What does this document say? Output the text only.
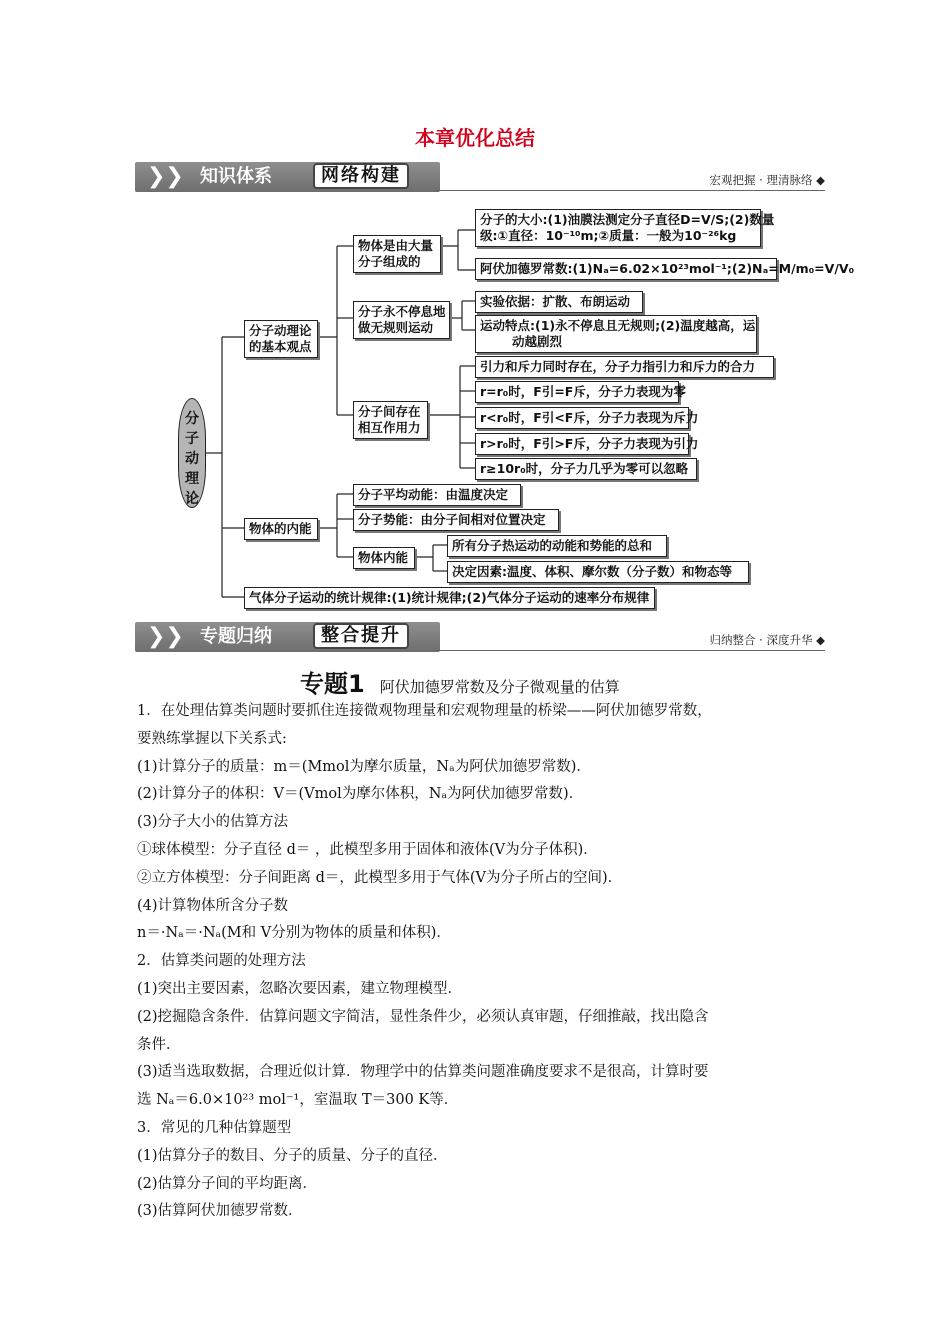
本章优化总结
❯❯ 知识体系	网络构建	宏观把握 · 理清脉络 ◆
分子动理论
分子动理论
的基本观点
物体的内能
气体分子运动的统计规律:(1)统计规律;(2)气体分子运动的速率分布规律
物体是由大量
分子组成的
分子永不停息地
做无规则运动
分子间存在
相互作用力
分子平均动能：由温度决定
分子势能：由分子间相对位置决定
物体内能
分子的大小:(1)油膜法测定分子直径D=V/S;(2)数量
级:①直径：10⁻¹⁰m;②质量：一般为10⁻²⁶kg
阿伏加德罗常数:(1)Nₐ=6.02×10²³mol⁻¹;(2)Nₐ=M/m₀=V/V₀
实验依据：扩散、布朗运动
运动特点:(1)永不停息且无规则;(2)温度越高，运
动越剧烈
引力和斥力同时存在，分子力指引力和斥力的合力
r=r₀时，F引=F斥，分子力表现为零
r<r₀时，F引<F斥，分子力表现为斥力
r>r₀时，F引>F斥，分子力表现为引力
r≥10r₀时，分子力几乎为零可以忽略
所有分子热运动的动能和势能的总和
决定因素:温度、体积、摩尔数（分子数）和物态等
❯❯ 专题归纳	整合提升	归纳整合 · 深度升华 ◆
专题1 阿伏加德罗常数及分子微观量的估算

1．在处理估算类问题时要抓住连接微观物理量和宏观物理量的桥梁——阿伏加德罗常数，

要熟练掌握以下关系式:

(1)计算分子的质量：m＝(Mmol为摩尔质量，Nₐ为阿伏加德罗常数)．

(2)计算分子的体积：V＝(Vmol为摩尔体积，Nₐ为阿伏加德罗常数)．

(3)分子大小的估算方法

①球体模型：分子直径 d＝ ，此模型多用于固体和液体(V为分子体积)．

②立方体模型：分子间距离 d＝，此模型多用于气体(V为分子所占的空间)．

(4)计算物体所含分子数

n＝·Nₐ＝·Nₐ(M和 V分别为物体的质量和体积)．

2．估算类问题的处理方法

(1)突出主要因素，忽略次要因素，建立物理模型．

(2)挖掘隐含条件．估算问题文字简洁，显性条件少，必须认真审题，仔细推敲，找出隐含

条件．

(3)适当选取数据，合理近似计算．物理学中的估算类问题准确度要求不是很高，计算时要

选 Nₐ＝6.0×10²³ mol⁻¹，室温取 T＝300 K等．

3．常见的几种估算题型

(1)估算分子的数目、分子的质量、分子的直径．

(2)估算分子间的平均距离．

(3)估算阿伏加德罗常数．
